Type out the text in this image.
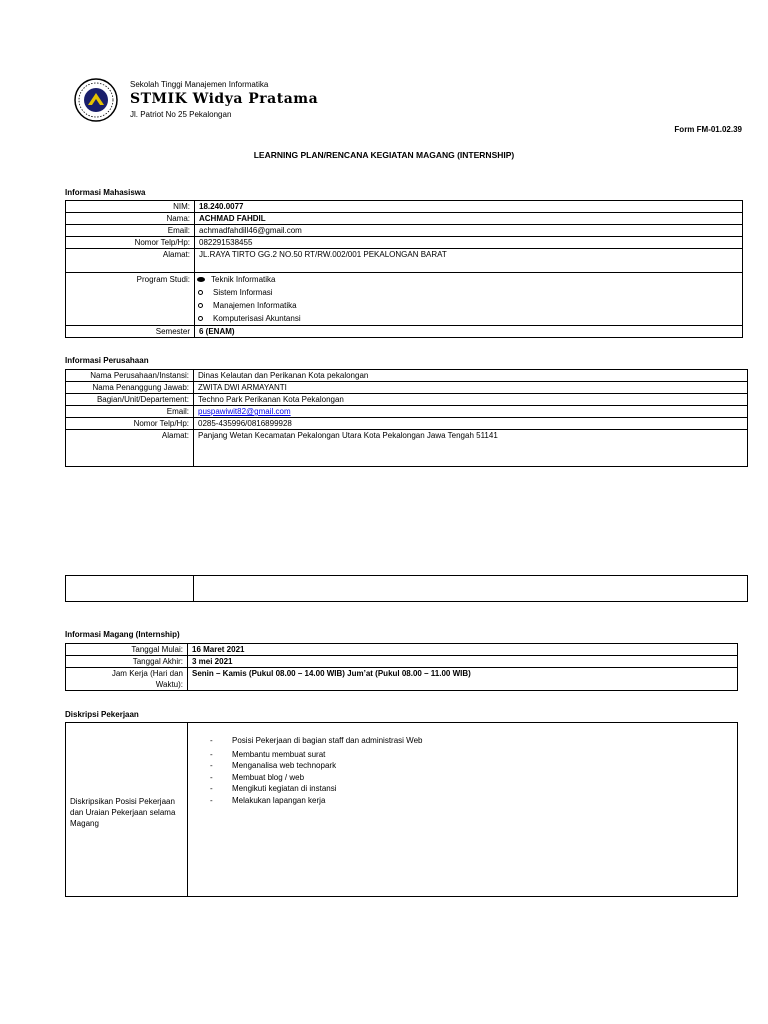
Sekolah Tinggi Manajemen Informatika
STMIK Widya Pratama
Jl. Patriot No 25 Pekalongan
Form FM-01.02.39
LEARNING PLAN/RENCANA KEGIATAN MAGANG (INTERNSHIP)
Informasi Mahasiswa
NIM:	18.240.0077
Nama:	ACHMAD FAHDIL
Email:	achmadfahdill46@gmail.com
Nomor Telp/Hp:	082291538455
Alamat:	JL.RAYA TIRTO GG.2 NO.50 RT/RW.002/001 PEKALONGAN BARAT
Program Studi:	Teknik Informatika
Sistem Informasi
Manajemen Informatika
Komputerisasi Akuntansi

Semester	6 (ENAM)
Informasi Perusahaan
Nama Perusahaan/Instansi:	Dinas Kelautan dan Perikanan Kota pekalongan
Nama Penanggung Jawab:	ZWITA DWI ARMAYANTI
Bagian/Unit/Departement:	Techno Park Perikanan Kota Pekalongan
Email:	puspawiwit82@gmail.com
Nomor Telp/Hp:	0285-435996/0816899928
Alamat:	Panjang Wetan Kecamatan Pekalongan Utara Kota Pekalongan Jawa Tengah 51141

Informasi Magang (Internship)
Tanggal Mulai:	16 Maret 2021
Tanggal Akhir:	3 mei 2021

Jam Kerja (Hari dan
Waktu):	Senin – Kamis (Pukul 08.00 – 14.00 WIB) Jum’at (Pukul 08.00 – 11.00 WIB)
Diskripsi Pekerjaan
Diskripsikan Posisi Pekerjaan dan Uraian Pekerjaan selama Magang	
-	Posisi Pekerjaan di bagian staff dan administrasi Web
-	Membantu membuat surat
-	Menganalisa web technopark
-	Membuat blog / web
-	Mengikuti kegiatan di instansi
-	Melakukan lapangan kerja
